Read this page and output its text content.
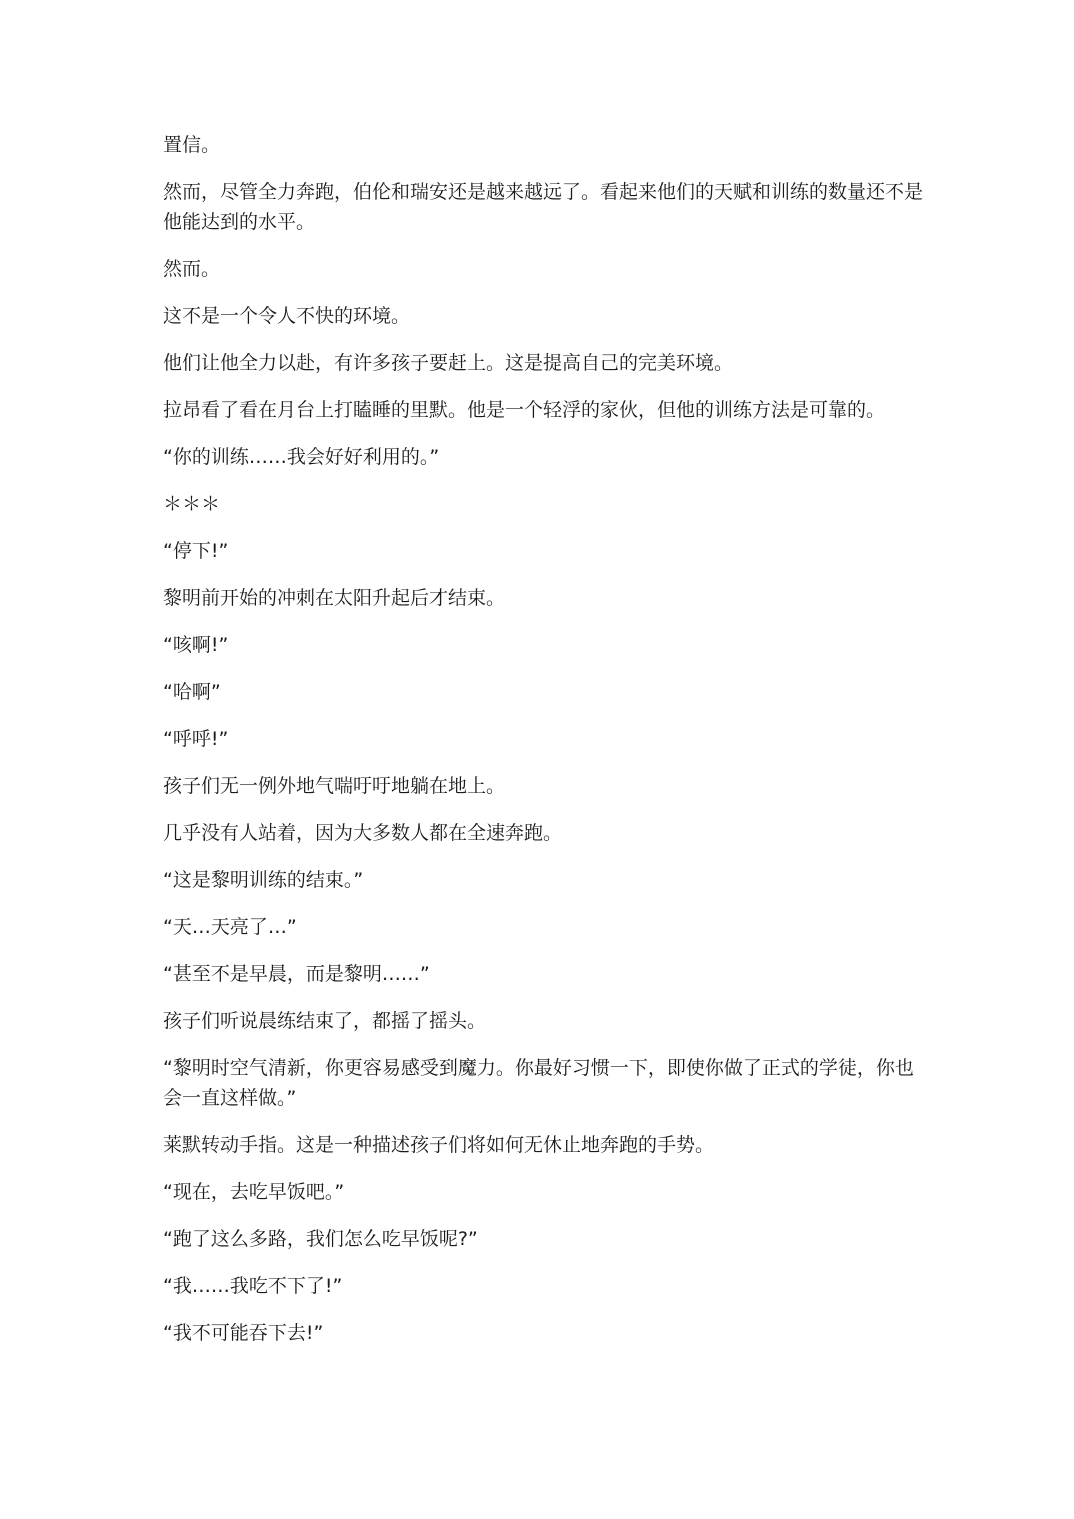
置信。

然而，尽管全力奔跑，伯伦和瑞安还是越来越远了。看起来他们的天赋和训练的数量还不是他能达到的水平。

然而。

这不是一个令人不快的环境。

他们让他全力以赴，有许多孩子要赶上。这是提高自己的完美环境。

拉昂看了看在月台上打瞌睡的里默。他是一个轻浮的家伙，但他的训练方法是可靠的。

“你的训练……我会好好利用的。”

＊＊＊

“停下!”

黎明前开始的冲刺在太阳升起后才结束。

“咳啊!”

“哈啊”

“呼呼!”

孩子们无一例外地气喘吁吁地躺在地上。

几乎没有人站着，因为大多数人都在全速奔跑。

“这是黎明训练的结束。”

“天…天亮了…”

“甚至不是早晨，而是黎明……”

孩子们听说晨练结束了，都摇了摇头。

“黎明时空气清新，你更容易感受到魔力。你最好习惯一下，即使你做了正式的学徒，你也会一直这样做。”

莱默转动手指。这是一种描述孩子们将如何无休止地奔跑的手势。

“现在，去吃早饭吧。”

“跑了这么多路，我们怎么吃早饭呢?”

“我……我吃不下了!”

“我不可能吞下去!”
